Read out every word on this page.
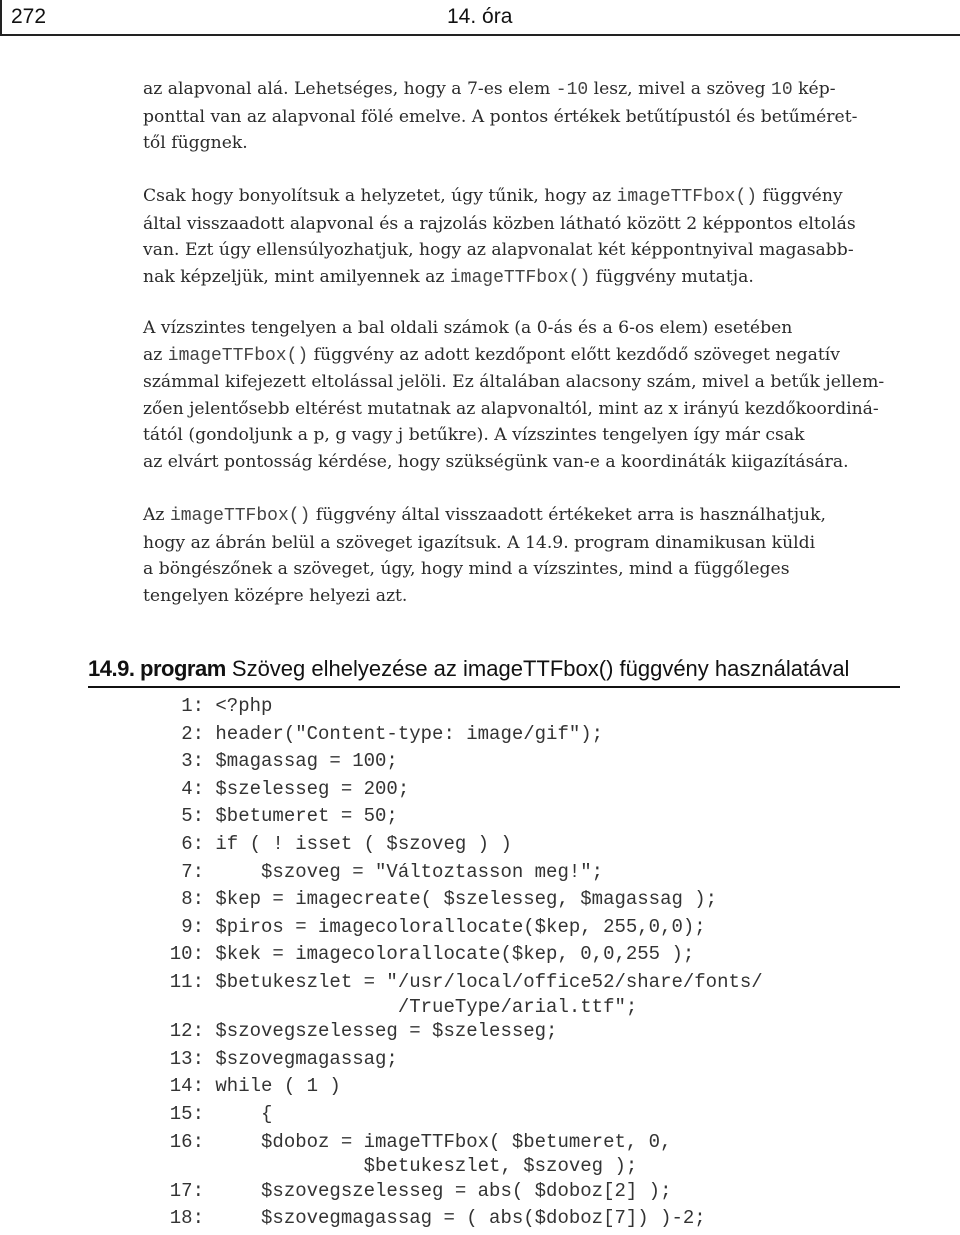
272	14. óra
az alapvonal alá. Lehetséges, hogy a 7-es elem -10 lesz, mivel a szöveg 10 kép-
ponttal van az alapvonal fölé emelve. A pontos értékek betűtípustól és betűméret-
től függnek.
Csak hogy bonyolítsuk a helyzetet, úgy tűnik, hogy az imageTTFbox() függvény
által visszaadott alapvonal és a rajzolás közben látható között 2 képpontos eltolás
van. Ezt úgy ellensúlyozhatjuk, hogy az alapvonalat két képpontnyival magasabb-
nak képzeljük, mint amilyennek az imageTTFbox() függvény mutatja.
A vízszintes tengelyen a bal oldali számok (a 0-ás és a 6-os elem) esetében
az imageTTFbox() függvény az adott kezdőpont előtt kezdődő szöveget negatív
számmal kifejezett eltolással jelöli. Ez általában alacsony szám, mivel a betűk jellem-
zően jelentősebb eltérést mutatnak az alapvonaltól, mint az x irányú kezdőkoordiná-
tától (gondoljunk a p, g vagy j betűkre). A vízszintes tengelyen így már csak
az elvárt pontosság kérdése, hogy szükségünk van-e a koordináták kiigazítására.
Az imageTTFbox() függvény által visszaadott értékeket arra is használhatjuk,
hogy az ábrán belül a szöveget igazítsuk. A 14.9. program dinamikusan küldi
a böngészőnek a szöveget, úgy, hogy mind a vízszintes, mind a függőleges
tengelyen középre helyezi azt.
14.9. program Szöveg elhelyezése az imageTTFbox() függvény használatával
1: <?php
2: header("Content-type: image/gif");
3: $magassag = 100;
4: $szelesseg = 200;
5: $betumeret = 50;
6: if ( ! isset ( $szoveg ) )
7:     $szoveg = "Változtasson meg!";
8: $kep = imagecreate( $szelesseg, $magassag );
9: $piros = imagecolorallocate($kep, 255,0,0);
10: $kek = imagecolorallocate($kep, 0,0,255 );
11: $betukeszlet = "/usr/local/office52/share/fonts/
/TrueType/arial.ttf";
12: $szovegszelesseg = $szelesseg;
13: $szovegmagassag;
14: while ( 1 )
15:     {
16:     $doboz = imageTTFbox( $betumeret, 0,
$betukeszlet, $szoveg );
17:     $szovegszelesseg = abs( $doboz[2] );
18:     $szovegmagassag = ( abs($doboz[7]) )-2;
